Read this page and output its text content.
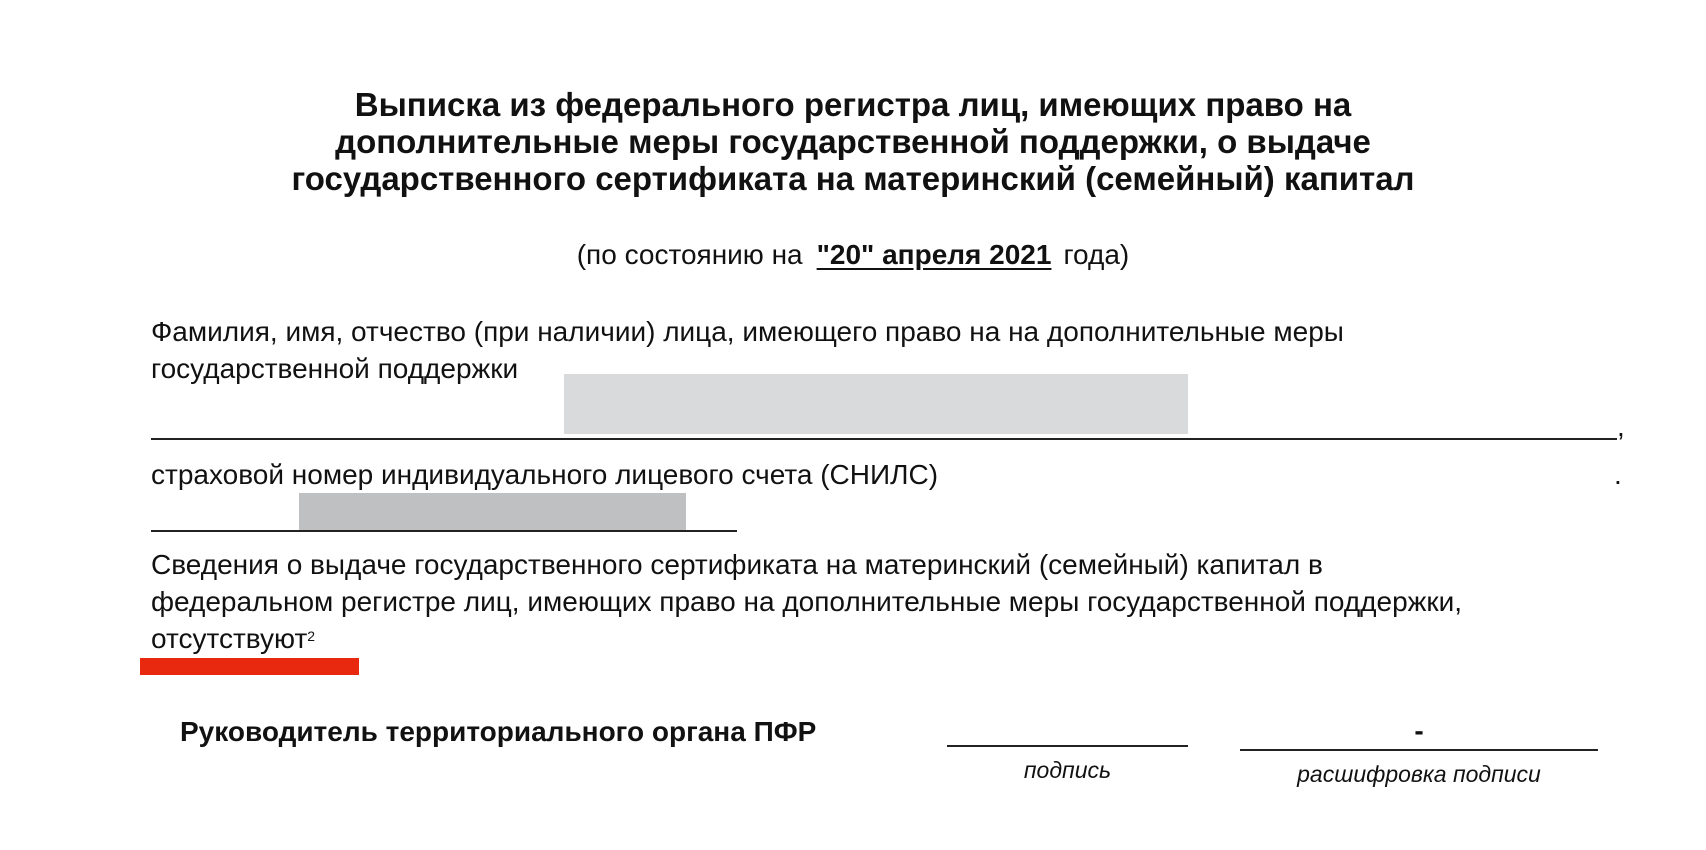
Выписка из федерального регистра лиц, имеющих право на
дополнительные меры государственной поддержки, о выдаче
государственного сертификата на материнский (семейный) капитал
(по состоянию на "20" апреля 2021 года)
Фамилия, имя, отчество (при наличии) лица, имеющего право на на дополнительные меры
государственной поддержки
,
страховой номер индивидуального лицевого счета (СНИЛС)	.
Сведения о выдаче государственного сертификата на материнский (семейный) капитал в
федеральном регистре лиц, имеющих право на дополнительные меры государственной поддержки,
отсутствуют$^2$
Руководитель территориального органа ПФР
подпись
-
расшифровка подписи
